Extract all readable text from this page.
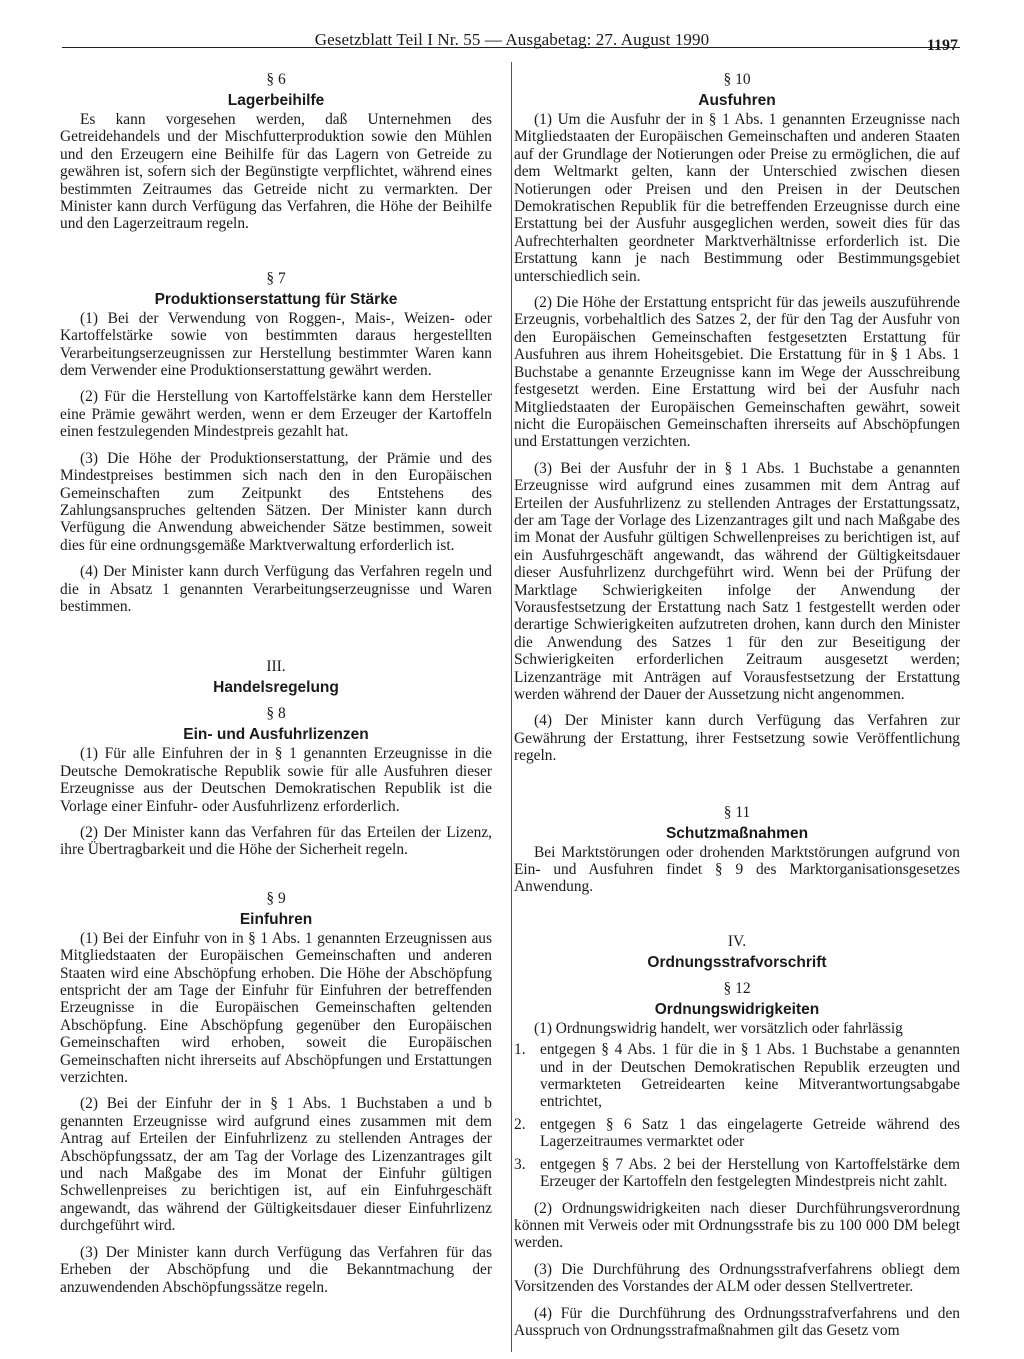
Gesetzblatt Teil I Nr. 55 — Ausgabetag: 27. August 1990	1197

§ 6

Lagerbeihilfe

Es kann vorgesehen werden, daß Unternehmen des Getreidehandels und der Mischfutterproduktion sowie den Mühlen und den Erzeugern eine Beihilfe für das Lagern von Getreide zu gewähren ist, sofern sich der Begünstigte verpflichtet, während eines bestimmten Zeitraumes das Getreide nicht zu vermarkten. Der Minister kann durch Verfügung das Verfahren, die Höhe der Beihilfe und den Lagerzeitraum regeln.

§ 7

Produktionserstattung für Stärke

(1) Bei der Verwendung von Roggen-, Mais-, Weizen- oder Kartoffelstärke sowie von bestimmten daraus hergestellten Verarbeitungserzeugnissen zur Herstellung bestimmter Waren kann dem Verwender eine Produktionserstattung gewährt werden.

(2) Für die Herstellung von Kartoffelstärke kann dem Hersteller eine Prämie gewährt werden, wenn er dem Erzeuger der Kartoffeln einen festzulegenden Mindestpreis gezahlt hat.

(3) Die Höhe der Produktionserstattung, der Prämie und des Mindestpreises bestimmen sich nach den in den Europäischen Gemeinschaften zum Zeitpunkt des Entstehens des Zahlungsanspruches geltenden Sätzen. Der Minister kann durch Verfügung die Anwendung abweichender Sätze bestimmen, soweit dies für eine ordnungsgemäße Marktverwaltung erforderlich ist.

(4) Der Minister kann durch Verfügung das Verfahren regeln und die in Absatz 1 genannten Verarbeitungserzeugnisse und Waren bestimmen.

III.

Handelsregelung

§ 8

Ein- und Ausfuhrlizenzen

(1) Für alle Einfuhren der in § 1 genannten Erzeugnisse in die Deutsche Demokratische Republik sowie für alle Ausfuhren dieser Erzeugnisse aus der Deutschen Demokratischen Republik ist die Vorlage einer Einfuhr- oder Ausfuhrlizenz erforderlich.

(2) Der Minister kann das Verfahren für das Erteilen der Lizenz, ihre Übertragbarkeit und die Höhe der Sicherheit regeln.

§ 9

Einfuhren

(1) Bei der Einfuhr von in § 1 Abs. 1 genannten Erzeugnissen aus Mitgliedstaaten der Europäischen Gemeinschaften und anderen Staaten wird eine Abschöpfung erhoben. Die Höhe der Abschöpfung entspricht der am Tage der Einfuhr für Einfuhren der betreffenden Erzeugnisse in die Europäischen Gemeinschaften geltenden Abschöpfung. Eine Abschöpfung gegenüber den Europäischen Gemeinschaften wird erhoben, soweit die Europäischen Gemeinschaften nicht ihrerseits auf Abschöpfungen und Erstattungen verzichten.

(2) Bei der Einfuhr der in § 1 Abs. 1 Buchstaben a und b genannten Erzeugnisse wird aufgrund eines zusammen mit dem Antrag auf Erteilen der Einfuhrlizenz zu stellenden Antrages der Abschöpfungssatz, der am Tag der Vorlage des Lizenzantrages gilt und nach Maßgabe des im Monat der Einfuhr gültigen Schwellenpreises zu berichtigen ist, auf ein Einfuhrgeschäft angewandt, das während der Gültigkeitsdauer dieser Einfuhrlizenz durchgeführt wird.

(3) Der Minister kann durch Verfügung das Verfahren für das Erheben der Abschöpfung und die Bekanntmachung der anzuwendenden Abschöpfungssätze regeln.

§ 10

Ausfuhren

(1) Um die Ausfuhr der in § 1 Abs. 1 genannten Erzeugnisse nach Mitgliedstaaten der Europäischen Gemeinschaften und anderen Staaten auf der Grundlage der Notierungen oder Preise zu ermöglichen, die auf dem Weltmarkt gelten, kann der Unterschied zwischen diesen Notierungen oder Preisen und den Preisen in der Deutschen Demokratischen Republik für die betreffenden Erzeugnisse durch eine Erstattung bei der Ausfuhr ausgeglichen werden, soweit dies für das Aufrechterhalten geordneter Marktverhältnisse erforderlich ist. Die Erstattung kann je nach Bestimmung oder Bestimmungsgebiet unterschiedlich sein.

(2) Die Höhe der Erstattung entspricht für das jeweils auszuführende Erzeugnis, vorbehaltlich des Satzes 2, der für den Tag der Ausfuhr von den Europäischen Gemeinschaften festgesetzten Erstattung für Ausfuhren aus ihrem Hoheitsgebiet. Die Erstattung für in § 1 Abs. 1 Buchstabe a genannte Erzeugnisse kann im Wege der Ausschreibung festgesetzt werden. Eine Erstattung wird bei der Ausfuhr nach Mitgliedstaaten der Europäischen Gemeinschaften gewährt, soweit nicht die Europäischen Gemeinschaften ihrerseits auf Abschöpfungen und Erstattungen verzichten.

(3) Bei der Ausfuhr der in § 1 Abs. 1 Buchstabe a genannten Erzeugnisse wird aufgrund eines zusammen mit dem Antrag auf Erteilen der Ausfuhrlizenz zu stellenden Antrages der Erstattungssatz, der am Tage der Vorlage des Lizenzantrages gilt und nach Maßgabe des im Monat der Ausfuhr gültigen Schwellenpreises zu berichtigen ist, auf ein Ausfuhrgeschäft angewandt, das während der Gültigkeitsdauer dieser Ausfuhrlizenz durchgeführt wird. Wenn bei der Prüfung der Marktlage Schwierigkeiten infolge der Anwendung der Vorausfestsetzung der Erstattung nach Satz 1 festgestellt werden oder derartige Schwierigkeiten aufzutreten drohen, kann durch den Minister die Anwendung des Satzes 1 für den zur Beseitigung der Schwierigkeiten erforderlichen Zeitraum ausgesetzt werden; Lizenzanträge mit Anträgen auf Vorausfestsetzung der Erstattung werden während der Dauer der Aussetzung nicht angenommen.

(4) Der Minister kann durch Verfügung das Verfahren zur Gewährung der Erstattung, ihrer Festsetzung sowie Veröffentlichung regeln.

§ 11

Schutzmaßnahmen

Bei Marktstörungen oder drohenden Marktstörungen aufgrund von Ein- und Ausfuhren findet § 9 des Marktorganisationsgesetzes Anwendung.

IV.

Ordnungsstrafvorschrift

§ 12

Ordnungswidrigkeiten

(1) Ordnungswidrig handelt, wer vorsätzlich oder fahrlässig

1. entgegen § 4 Abs. 1 für die in § 1 Abs. 1 Buchstabe a genannten und in der Deutschen Demokratischen Republik erzeugten und vermarkteten Getreidearten keine Mitverantwortungsabgabe entrichtet,
2. entgegen § 6 Satz 1 das eingelagerte Getreide während des Lagerzeitraumes vermarktet oder
3. entgegen § 7 Abs. 2 bei der Herstellung von Kartoffelstärke dem Erzeuger der Kartoffeln den festgelegten Mindestpreis nicht zahlt.

(2) Ordnungswidrigkeiten nach dieser Durchführungsverordnung können mit Verweis oder mit Ordnungsstrafe bis zu 100 000 DM belegt werden.

(3) Die Durchführung des Ordnungsstrafverfahrens obliegt dem Vorsitzenden des Vorstandes der ALM oder dessen Stellvertreter.

(4) Für die Durchführung des Ordnungsstrafverfahrens und den Ausspruch von Ordnungsstrafmaßnahmen gilt das Gesetz vom
